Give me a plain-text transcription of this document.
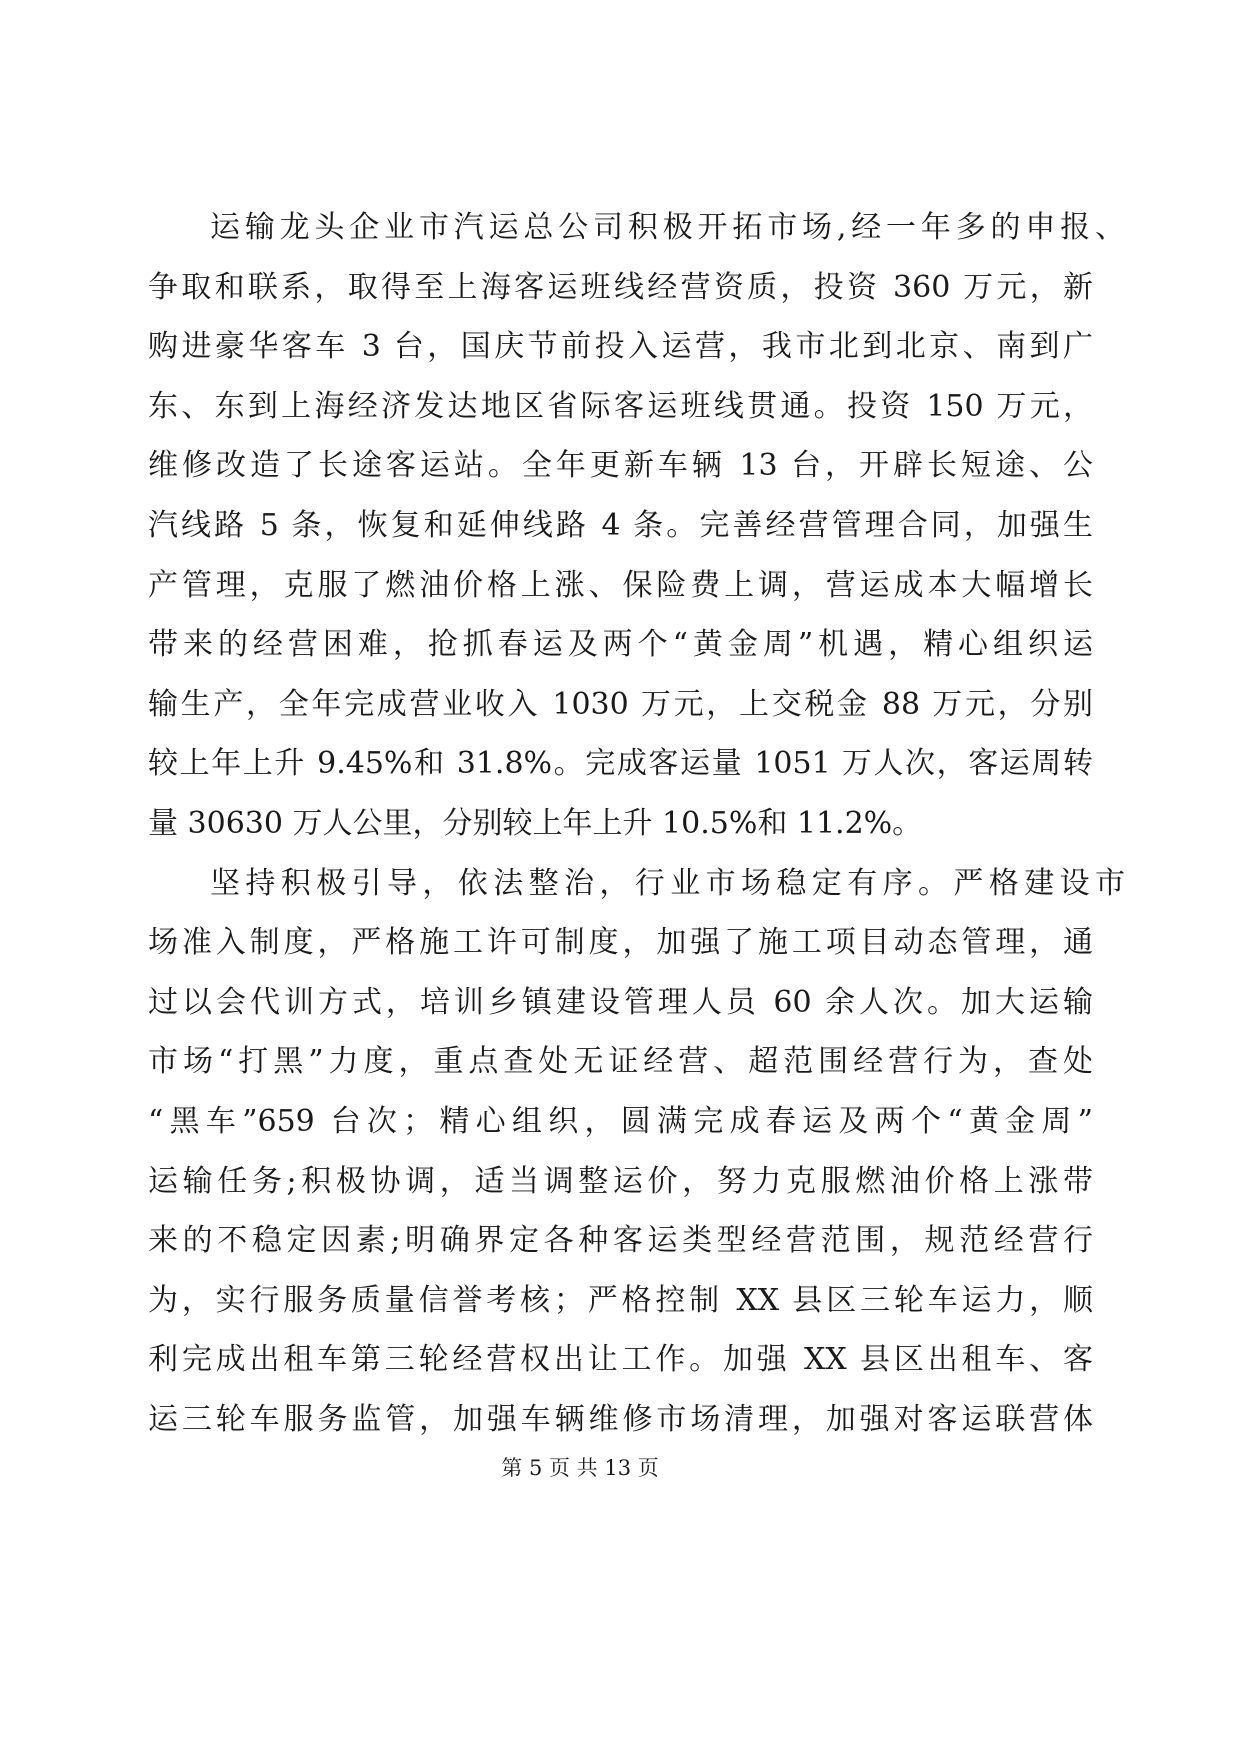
运输龙头企业市汽运总公司积极开拓市场,经一年多的申报、
争取和联系，取得至上海客运班线经营资质，投资 360 万元，新
购进豪华客车 3 台，国庆节前投入运营，我市北到北京、南到广
东、东到上海经济发达地区省际客运班线贯通。投资 150 万元，
维修改造了长途客运站。全年更新车辆 13 台，开辟长短途、公
汽线路 5 条，恢复和延伸线路 4 条。完善经营管理合同，加强生
产管理，克服了燃油价格上涨、保险费上调，营运成本大幅增长
带来的经营困难，抢抓春运及两个“黄金周”机遇，精心组织运
输生产，全年完成营业收入 1030 万元，上交税金 88 万元，分别
较上年上升 9.45%和 31.8%。完成客运量 1051 万人次，客运周转
量 30630 万人公里，分别较上年上升 10.5%和 11.2%。
坚持积极引导，依法整治，行业市场稳定有序。严格建设市
场准入制度，严格施工许可制度，加强了施工项目动态管理，通
过以会代训方式，培训乡镇建设管理人员 60 余人次。加大运输
市场“打黑”力度，重点查处无证经营、超范围经营行为，查处
“黑车”659 台次；精心组织，圆满完成春运及两个“黄金周”
运输任务;积极协调，适当调整运价，努力克服燃油价格上涨带
来的不稳定因素;明确界定各种客运类型经营范围，规范经营行
为，实行服务质量信誉考核；严格控制 XX 县区三轮车运力，顺
利完成出租车第三轮经营权出让工作。加强 XX 县区出租车、客
运三轮车服务监管，加强车辆维修市场清理，加强对客运联营体
第 5 页 共 13 页
